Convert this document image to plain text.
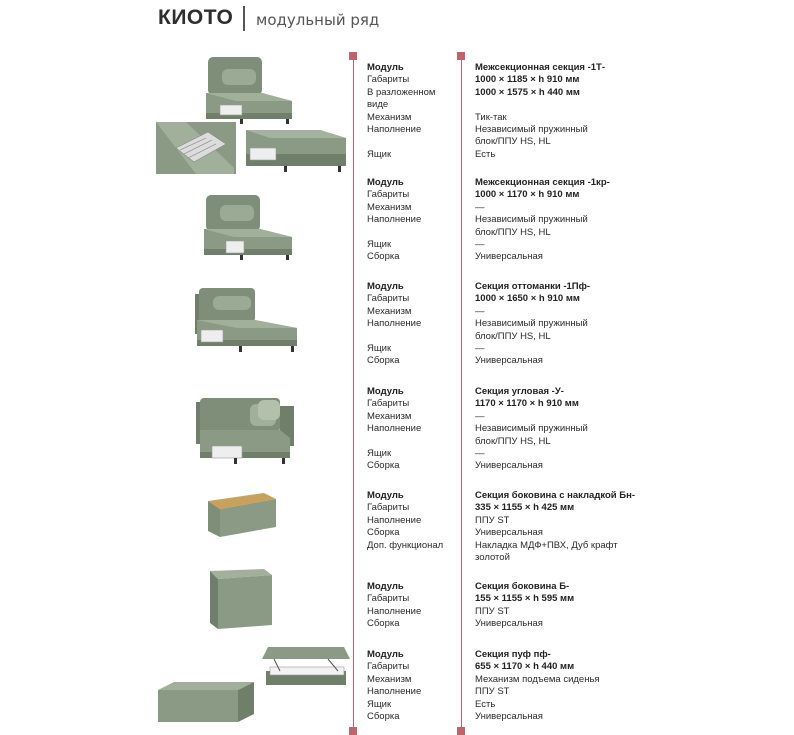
КИОТО модульный ряд
Модуль
Габариты
В разложенном
виде
Механизм
Наполнение

Ящик
Межсекционная секция -1Т-
1000 × 1185 × h 910 мм
1000 × 1575 × h 440 мм

Тик-так
Независимый пружинный
блок/ППУ HS, HL
Есть
Модуль
Габариты
Механизм
Наполнение

Ящик
Сборка
Межсекционная секция -1кр-
1000 × 1170 × h 910 мм
—
Независимый пружинный
блок/ППУ HS, HL
—
Универсальная
Модуль
Габариты
Механизм
Наполнение

Ящик
Сборка
Секция оттоманки -1Пф-
1000 × 1650 × h 910 мм
—
Независимый пружинный
блок/ППУ HS, HL
—
Универсальная
Модуль
Габариты
Механизм
Наполнение

Ящик
Сборка
Секция угловая -У-
1170 × 1170 × h 910 мм
—
Независимый пружинный
блок/ППУ HS, HL
—
Универсальная
Модуль
Габариты
Наполнение
Сборка
Доп. функционал

Секция боковина с накладкой Бн-
335 × 1155 × h 425 мм
ППУ ST
Универсальная
Накладка МДФ+ПВХ, Дуб крафт
золотой
Модуль
Габариты
Наполнение
Сборка
Секция боковина Б-
155 × 1155 × h 595 мм
ППУ ST
Универсальная
Модуль
Габариты
Механизм
Наполнение
Ящик
Сборка
Секция пуф пф-
655 × 1170 × h 440 мм
Механизм подъема сиденья
ППУ ST
Есть
Универсальная
